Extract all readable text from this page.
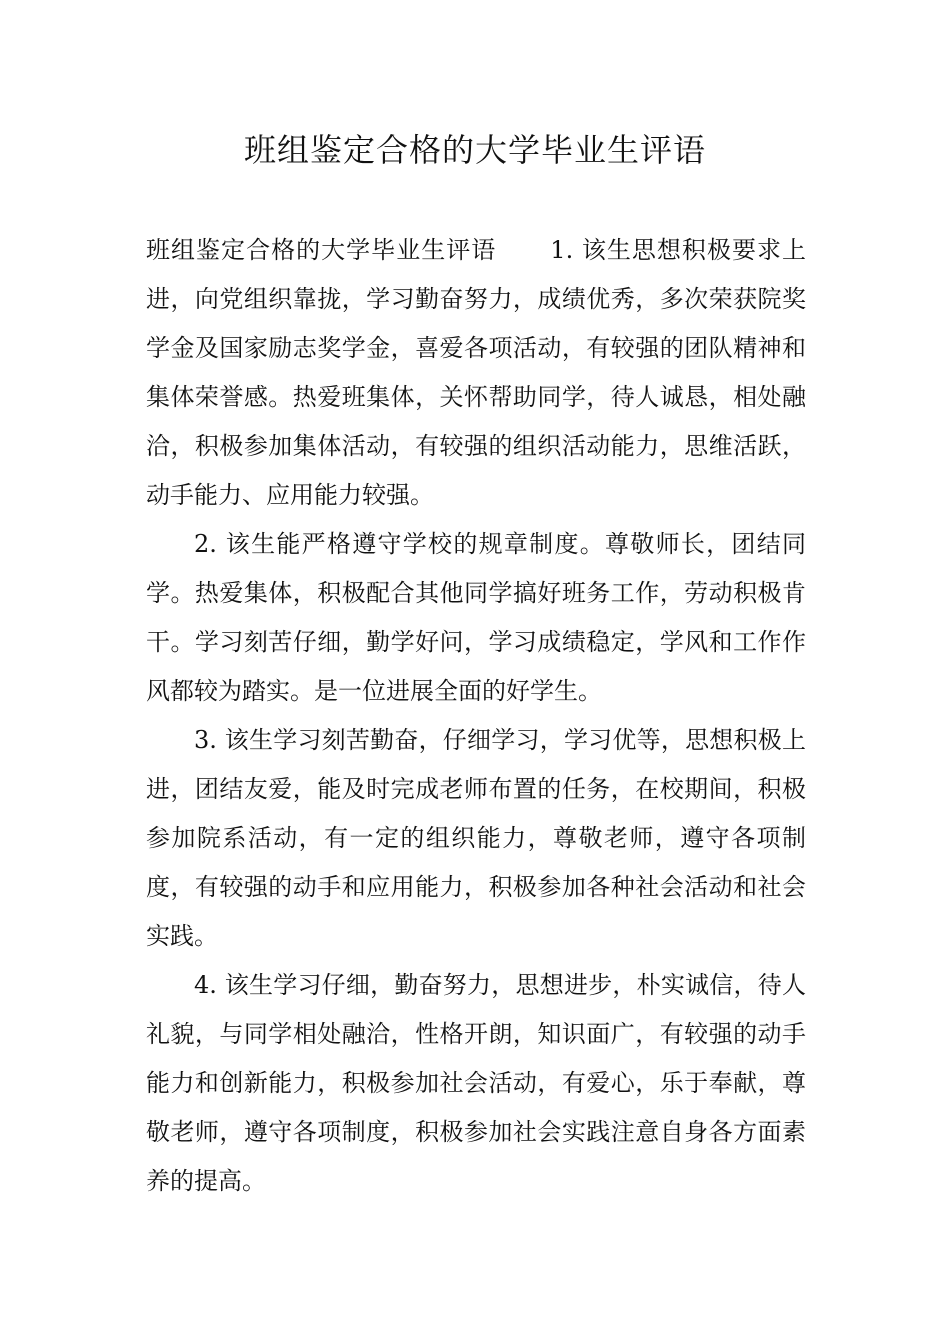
班组鉴定合格的大学毕业生评语

班组鉴定合格的大学毕业生评语 1. 该生思想积极要求上进，向党组织靠拢，学习勤奋努力，成绩优秀，多次荣获院奖学金及国家励志奖学金，喜爱各项活动，有较强的团队精神和集体荣誉感。热爱班集体，关怀帮助同学，待人诚恳，相处融洽，积极参加集体活动，有较强的组织活动能力，思维活跃，动手能力、应用能力较强。

2. 该生能严格遵守学校的规章制度。尊敬师长，团结同学。热爱集体，积极配合其他同学搞好班务工作，劳动积极肯干。学习刻苦仔细，勤学好问，学习成绩稳定，学风和工作作风都较为踏实。是一位进展全面的好学生。

3. 该生学习刻苦勤奋，仔细学习，学习优等，思想积极上进，团结友爱，能及时完成老师布置的任务，在校期间，积极参加院系活动，有一定的组织能力，尊敬老师，遵守各项制度，有较强的动手和应用能力，积极参加各种社会活动和社会实践。

4. 该生学习仔细，勤奋努力，思想进步，朴实诚信，待人礼貌，与同学相处融洽，性格开朗，知识面广，有较强的动手能力和创新能力，积极参加社会活动，有爱心，乐于奉献，尊敬老师，遵守各项制度，积极参加社会实践注意自身各方面素养的提高。
